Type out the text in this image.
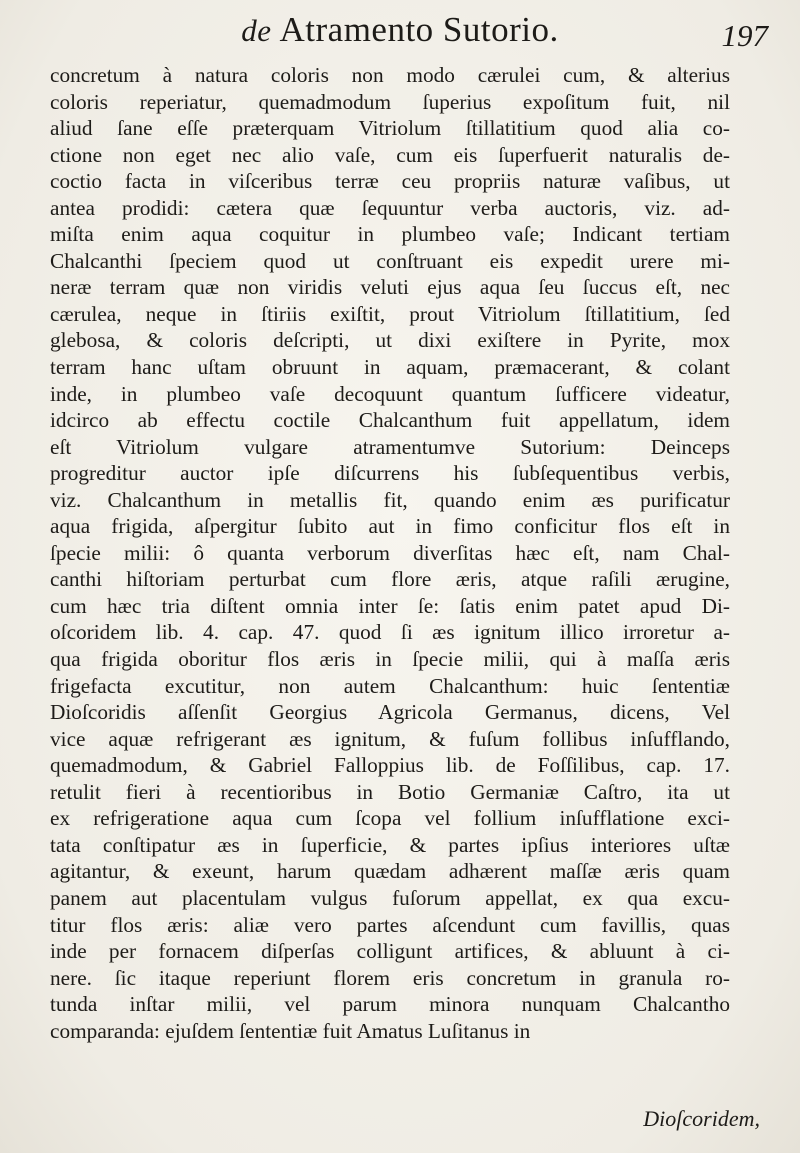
de Atramento Sutorio.	197
concretum à natura coloris non modo cærulei cum, & alterius
coloris reperiatur, quemadmodum ſuperius expoſitum fuit, nil
aliud ſane eſſe præterquam Vitriolum ſtillatitium quod alia co-
ctione non eget nec alio vaſe, cum eis ſuperfuerit naturalis de-
coctio facta in viſceribus terræ ceu propriis naturæ vaſibus, ut
antea prodidi: cætera quæ ſequuntur verba auctoris, viz. ad-
miſta enim aqua coquitur in plumbeo vaſe; Indicant tertiam
Chalcanthi ſpeciem quod ut conſtruant eis expedit urere mi-
neræ terram quæ non viridis veluti ejus aqua ſeu ſuccus eſt, nec
cærulea, neque in ſtiriis exiſtit, prout Vitriolum ſtillatitium, ſed
glebosa, & coloris deſcripti, ut dixi exiſtere in Pyrite, mox
terram hanc uſtam obruunt in aquam, præmacerant, & colant
inde, in plumbeo vaſe decoquunt quantum ſufficere videatur,
idcirco ab effectu coctile Chalcanthum fuit appellatum, idem
eſt Vitriolum vulgare atramentumve Sutorium: Deinceps
progreditur auctor ipſe diſcurrens his ſubſequentibus verbis,
viz. Chalcanthum in metallis fit, quando enim æs purificatur
aqua frigida, aſpergitur ſubito aut in fimo conficitur flos eſt in
ſpecie milii: ô quanta verborum diverſitas hæc eſt, nam Chal-
canthi hiſtoriam perturbat cum flore æris, atque raſili ærugine,
cum hæc tria diſtent omnia inter ſe: ſatis enim patet apud Di-
oſcoridem lib. 4. cap. 47. quod ſi æs ignitum illico irroretur a-
qua frigida oboritur flos æris in ſpecie milii, qui à maſſa æris
frigefacta excutitur, non autem Chalcanthum: huic ſententiæ
Dioſcoridis aſſenſit Georgius Agricola Germanus, dicens, Vel
vice aquæ refrigerant æs ignitum, & fuſum follibus inſufflando,
quemadmodum, & Gabriel Falloppius lib. de Foſſilibus, cap. 17.
retulit fieri à recentioribus in Botio Germaniæ Caſtro, ita ut
ex refrigeratione aqua cum ſcopa vel follium inſufflatione exci-
tata conſtipatur æs in ſuperficie, & partes ipſius interiores uſtæ
agitantur, & exeunt, harum quædam adhærent maſſæ æris quam
panem aut placentulam vulgus fuſorum appellat, ex qua excu-
titur flos æris: aliæ vero partes aſcendunt cum favillis, quas
inde per fornacem diſperſas colligunt artifices, & abluunt à ci-
nere. ſic itaque reperiunt florem eris concretum in granula ro-
tunda inſtar milii, vel parum minora nunquam Chalcantho
comparanda: ejuſdem ſententiæ fuit Amatus Luſitanus in
Dioſcoridem,
